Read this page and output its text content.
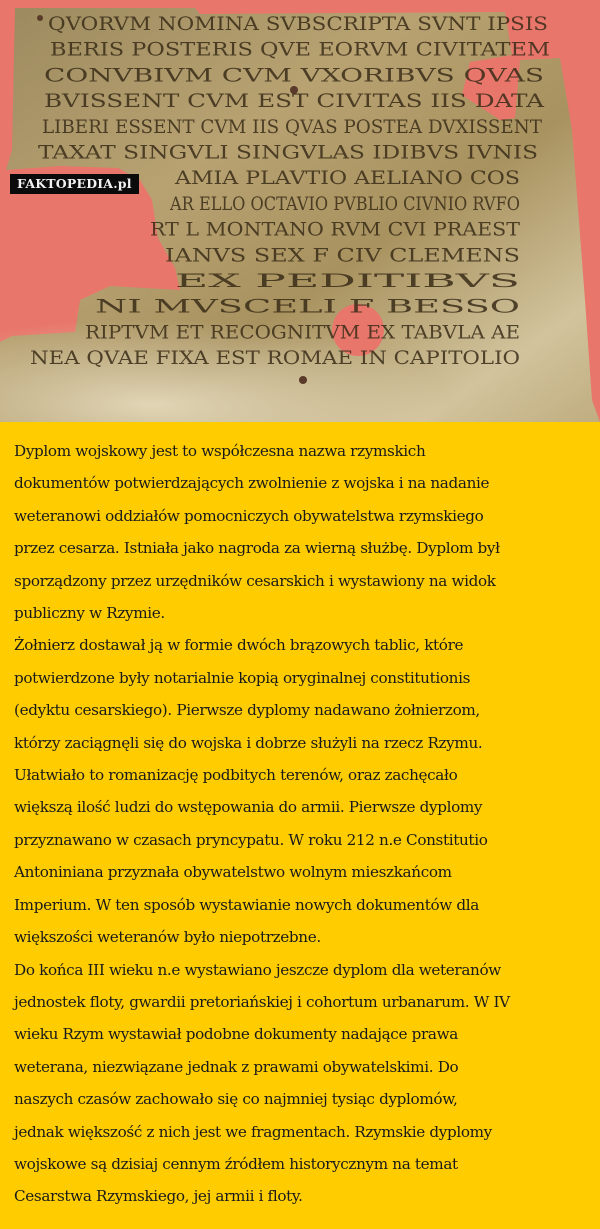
QVORVM NOMINA SVBSCRIPTA SVNT IPSIS
BERIS POSTERIS QVE EORVM CIVITATEM
CONVBIVM CVM VXORIBVS QVAS
BVISSENT CVM EST CIVITAS IIS DATA
LIBERI ESSENT CVM IIS QVAS POSTEA DVXISSENT
TAXAT SINGVLI SINGVLAS IDIBVS IVNIS
AMIA PLAVTIO AELIANO COS
AR ELLO OCTAVIO PVBLIO CIVNIO RVFO
RT L MONTANO RVM CVI PRAEST
IANVS SEX F CIV CLEMENS
EX PEDITIBVS
NI MVSCELI F BESSO
RIPTVM ET RECOGNITVM EX TABVLA AE
NEA QVAE FIXA EST ROMAE IN CAPITOLIO
FAKTOPEDIA.pl
Dyplom wojskowy jest to współczesna nazwa rzymskich
dokumentów potwierdzających zwolnienie z wojska i na nadanie
weteranowi oddziałów pomocniczych obywatelstwa rzymskiego
przez cesarza. Istniała jako nagroda za wierną służbę. Dyplom był
sporządzony przez urzędników cesarskich i wystawiony na widok
publiczny w Rzymie.
Żołnierz dostawał ją w formie dwóch brązowych tablic, które
potwierdzone były notarialnie kopią oryginalnej constitutionis
(edyktu cesarskiego). Pierwsze dyplomy nadawano żołnierzom,
którzy zaciągnęli się do wojska i dobrze służyli na rzecz Rzymu.
Ułatwiało to romanizację podbitych terenów, oraz zachęcało
większą ilość ludzi do wstępowania do armii. Pierwsze dyplomy
przyznawano w czasach pryncypatu. W roku 212 n.e Constitutio
Antoniniana przyznała obywatelstwo wolnym mieszkańcom
Imperium. W ten sposób wystawianie nowych dokumentów dla
większości weteranów było niepotrzebne.
Do końca III wieku n.e wystawiano jeszcze dyplom dla weteranów
jednostek floty, gwardii pretoriańskiej i cohortum urbanarum. W IV
wieku Rzym wystawiał podobne dokumenty nadające prawa
weterana, niezwiązane jednak z prawami obywatelskimi. Do
naszych czasów zachowało się co najmniej tysiąc dyplomów,
jednak większość z nich jest we fragmentach. Rzymskie dyplomy
wojskowe są dzisiaj cennym źródłem historycznym na temat
Cesarstwa Rzymskiego, jej armii i floty.
